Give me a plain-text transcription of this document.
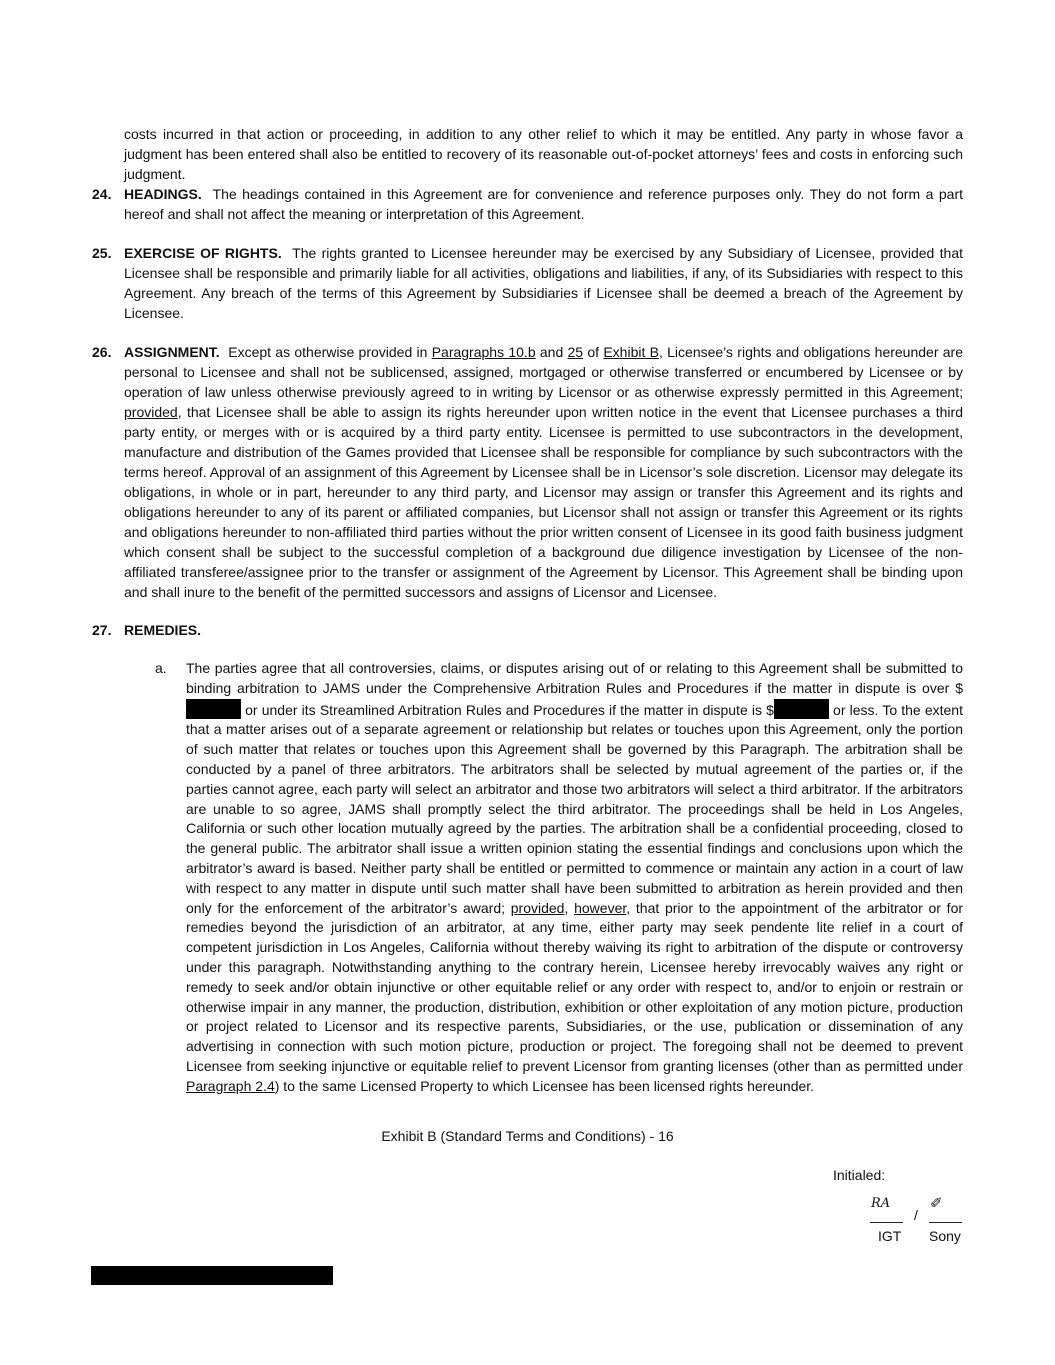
costs incurred in that action or proceeding, in addition to any other relief to which it may be entitled. Any party in whose favor a judgment has been entered shall also be entitled to recovery of its reasonable out-of-pocket attorneys’ fees and costs in enforcing such judgment.

24. HEADINGS. The headings contained in this Agreement are for convenience and reference purposes only. They do not form a part hereof and shall not affect the meaning or interpretation of this Agreement.
25. EXERCISE OF RIGHTS. The rights granted to Licensee hereunder may be exercised by any Subsidiary of Licensee, provided that Licensee shall be responsible and primarily liable for all activities, obligations and liabilities, if any, of its Subsidiaries with respect to this Agreement. Any breach of the terms of this Agreement by Subsidiaries if Licensee shall be deemed a breach of the Agreement by Licensee.
26. ASSIGNMENT. Except as otherwise provided in Paragraphs 10.b and 25 of Exhibit B, Licensee’s rights and obligations hereunder are personal to Licensee and shall not be sublicensed, assigned, mortgaged or otherwise transferred or encumbered by Licensee or by operation of law unless otherwise previously agreed to in writing by Licensor or as otherwise expressly permitted in this Agreement; provided, that Licensee shall be able to assign its rights hereunder upon written notice in the event that Licensee purchases a third party entity, or merges with or is acquired by a third party entity. Licensee is permitted to use subcontractors in the development, manufacture and distribution of the Games provided that Licensee shall be responsible for compliance by such subcontractors with the terms hereof. Approval of an assignment of this Agreement by Licensee shall be in Licensor’s sole discretion. Licensor may delegate its obligations, in whole or in part, hereunder to any third party, and Licensor may assign or transfer this Agreement and its rights and obligations hereunder to any of its parent or affiliated companies, but Licensor shall not assign or transfer this Agreement or its rights and obligations hereunder to non-affiliated third parties without the prior written consent of Licensee in its good faith business judgment which consent shall be subject to the successful completion of a background due diligence investigation by Licensee of the non-affiliated transferee/assignee prior to the transfer or assignment of the Agreement by Licensor. This Agreement shall be binding upon and shall inure to the benefit of the permitted successors and assigns of Licensor and Licensee.
27. REMEDIES.
a. The parties agree that all controversies, claims, or disputes arising out of or relating to this Agreement shall be submitted to binding arbitration to JAMS under the Comprehensive Arbitration Rules and Procedures if the matter in dispute is over $ or under its Streamlined Arbitration Rules and Procedures if the matter in dispute is $	or less. To the extent that a matter arises out of a separate agreement or relationship but relates or touches upon this Agreement, only the portion of such matter that relates or touches upon this Agreement shall be governed by this Paragraph. The arbitration shall be conducted by a panel of three arbitrators. The arbitrators shall be selected by mutual agreement of the parties or, if the parties cannot agree, each party will select an arbitrator and those two arbitrators will select a third arbitrator. If the arbitrators are unable to so agree, JAMS shall promptly select the third arbitrator. The proceedings shall be held in Los Angeles, California or such other location mutually agreed by the parties. The arbitration shall be a confidential proceeding, closed to the general public. The arbitrator shall issue a written opinion stating the essential findings and conclusions upon which the arbitrator’s award is based. Neither party shall be entitled or permitted to commence or maintain any action in a court of law with respect to any matter in dispute until such matter shall have been submitted to arbitration as herein provided and then only for the enforcement of the arbitrator’s award; provided, however, that prior to the appointment of the arbitrator or for remedies beyond the jurisdiction of an arbitrator, at any time, either party may seek pendente lite relief in a court of competent jurisdiction in Los Angeles, California without thereby waiving its right to arbitration of the dispute or controversy under this paragraph. Notwithstanding anything to the contrary herein, Licensee hereby irrevocably waives any right or remedy to seek and/or obtain injunctive or other equitable relief or any order with respect to, and/or to enjoin or restrain or otherwise impair in any manner, the production, distribution, exhibition or other exploitation of any motion picture, production or project related to Licensor and its respective parents, Subsidiaries, or the use, publication or dissemination of any advertising in connection with such motion picture, production or project. The foregoing shall not be deemed to prevent Licensee from seeking injunctive or equitable relief to prevent Licensor from granting licenses (other than as permitted under Paragraph 2.4) to the same Licensed Property to which Licensee has been licensed rights hereunder.
Exhibit B (Standard Terms and Conditions) - 16
Initialed:
RA	✐
/
IGT Sony
